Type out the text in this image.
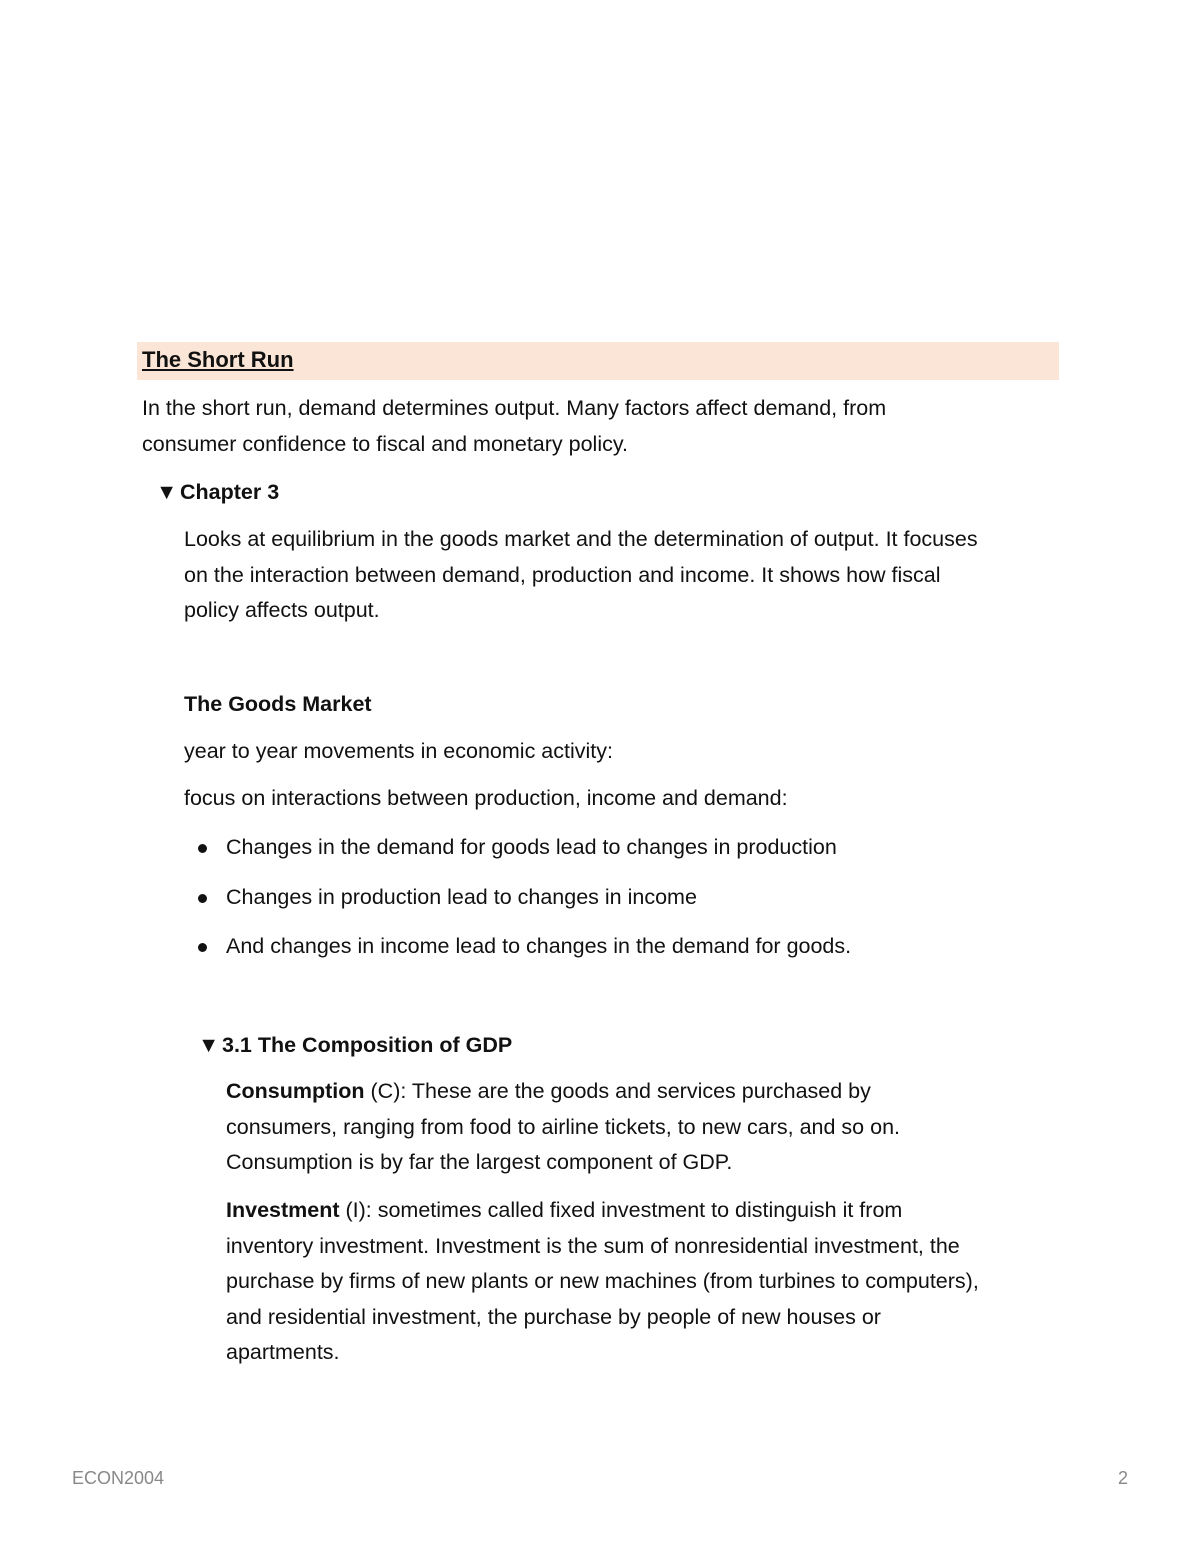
The Short Run
In the short run, demand determines output. Many factors affect demand, from
consumer confidence to fiscal and monetary policy.
▼ Chapter 3
Looks at equilibrium in the goods market and the determination of output. It focuses
on the interaction between demand, production and income. It shows how fiscal
policy affects output.
The Goods Market
year to year movements in economic activity:
focus on interactions between production, income and demand:
Changes in the demand for goods lead to changes in production
Changes in production lead to changes in income
And changes in income lead to changes in the demand for goods.
▼ 3.1 The Composition of GDP
Consumption (C): These are the goods and services purchased by
consumers, ranging from food to airline tickets, to new cars, and so on.
Consumption is by far the largest component of GDP.
Investment (I): sometimes called fixed investment to distinguish it from
inventory investment. Investment is the sum of nonresidential investment, the
purchase by firms of new plants or new machines (from turbines to computers),
and residential investment, the purchase by people of new houses or
apartments.
ECON2004	2
